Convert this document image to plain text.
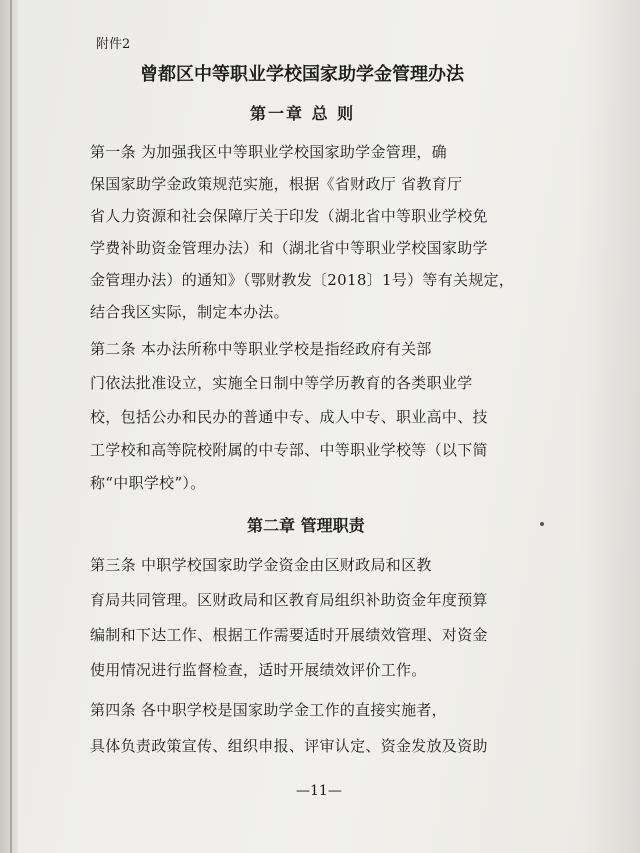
附件2
曾都区中等职业学校国家助学金管理办法
第一章 总 则
第一条 为加强我区中等职业学校国家助学金管理，确
保国家助学金政策规范实施，根据《省财政厅 省教育厅
省人力资源和社会保障厅关于印发（湖北省中等职业学校免
学费补助资金管理办法）和（湖北省中等职业学校国家助学
金管理办法）的通知》（鄂财教发〔2018〕1号）等有关规定，
结合我区实际，制定本办法。
第二条 本办法所称中等职业学校是指经政府有关部
门依法批准设立，实施全日制中等学历教育的各类职业学
校，包括公办和民办的普通中专、成人中专、职业高中、技
工学校和高等院校附属的中专部、中等职业学校等（以下简
称“中职学校”）。
第二章 管理职责
第三条 中职学校国家助学金资金由区财政局和区教
育局共同管理。区财政局和区教育局组织补助资金年度预算
编制和下达工作、根据工作需要适时开展绩效管理、对资金
使用情况进行监督检查，适时开展绩效评价工作。
第四条 各中职学校是国家助学金工作的直接实施者，
具体负责政策宣传、组织申报、评审认定、资金发放及资助
—11—
